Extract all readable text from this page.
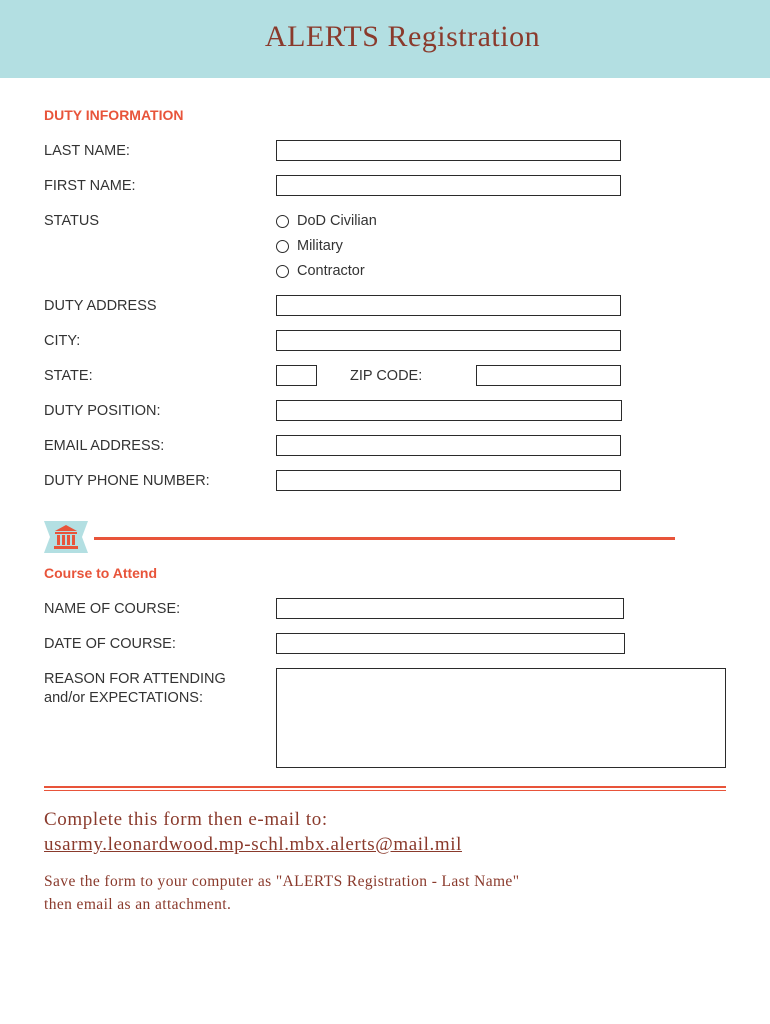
ALERTS Registration
DUTY INFORMATION
LAST NAME:
FIRST NAME:
STATUS	DoD Civilian
Military
Contractor
DUTY ADDRESS
CITY:
STATE:	ZIP CODE:
DUTY POSITION:
EMAIL ADDRESS:
DUTY PHONE NUMBER:
Course to Attend
NAME OF COURSE:
DATE OF COURSE:
REASON FOR ATTENDING
and/or EXPECTATIONS:
Complete this form then e-mail to:
usarmy.leonardwood.mp-schl.mbx.alerts@mail.mil
Save the form to your computer as "ALERTS Registration - Last Name"
then email as an attachment.
